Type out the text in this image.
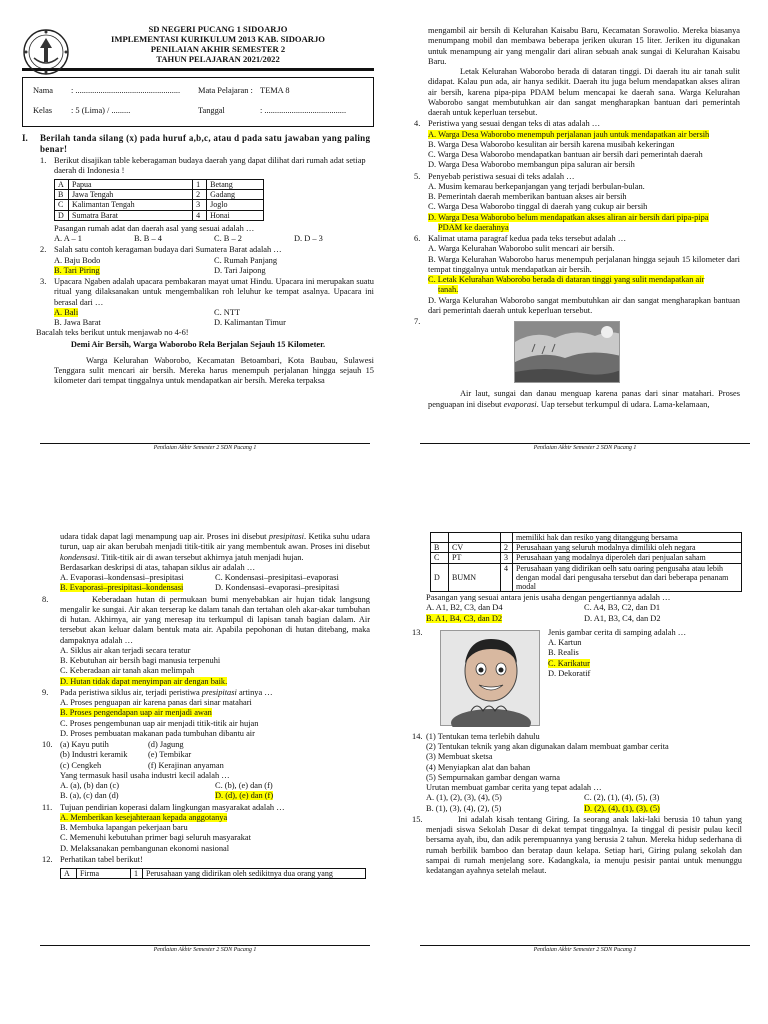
SD NEGERI PUCANG 1 SIDOARJO
IMPLEMENTASI KURIKULUM 2013 KAB. SIDOARJO
PENILAIAN AKHIR SEMESTER 2
TAHUN PELAJARAN 2021/2022
Nama	: ..................................................
Kelas	: 5 (Lima) / .........
Mata Pelajaran : TEMA 8
Tanggal	: .......................................
I.	Berilah tanda silang (x) pada huruf a,b,c, atau d pada satu jawaban yang paling benar!
1. Berikut disajikan table keberagaman budaya daerah yang dapat dilihat dari rumah adat setiap daerah di Indonesia !
A	Papua	1	Betang
B	Jawa Tengah	2	Gadang
C	Kalimantan Tengah	3	Joglo
D	Sumatra Barat	4	Honai
Pasangan rumah adat dan daerah asal yang sesuai adalah …
A. A – 1	B. B – 4	C. B – 2	D. D – 3
2. Salah satu contoh keragaman budaya dari Sumatera Barat adalah …
A. Baju Bodo	C. Rumah Panjang
B. Tari Piring	D. Tari Jaipong
3. Upacara Ngaben adalah upacara pembakaran mayat umat Hindu. Upacara ini merupakan suatu ritual yang dilaksanakan untuk mengembalikan roh leluhur ke tempat asalnya. Upacara ini berasal dari …
A. Bali	C. NTT
B. Jawa Barat	D. Kalimantan Timur
Bacalah teks berikut untuk menjawab no 4-6!
Demi Air Bersih, Warga Waborobo Rela Berjalan Sejauh 15 Kilometer.
Warga Kelurahan Waborobo, Kecamatan Betoambari, Kota Baubau, Sulawesi Tenggara sulit mencari air bersih. Mereka harus menempuh perjalanan hingga sejauh 15 kilometer dari tempat tinggalnya untuk mendapatkan air bersih. Mereka terpaksa
Penilaian Akhir Semester 2 SDN Pucang 1
mengambil air bersih di Kelurahan Kaisabu Baru, Kecamatan Sorawolio. Mereka biasanya menumpang mobil dan membawa beberapa jeriken ukuran 15 liter. Jeriken itu digunakan untuk menampung air yang mengalir dari aliran sebuah anak sungai di Kelurahan Kaisabu Baru.
Letak Kelurahan Waborobo berada di dataran tinggi. Di daerah itu air tanah sulit didapat. Kalau pun ada, air hanya sedikit. Daerah itu juga belum mendapatkan akses aliran air bersih, karena pipa-pipa PDAM belum mencapai ke daerah sana. Warga Kelurahan Waborobo sangat membutuhkan air dan sangat mengharapkan bantuan dari pemerintah daerah untuk keperluan tersebut.
4. Peristiwa yang sesuai dengan teks di atas adalah …
A. Warga Desa Waborobo menempuh perjalanan jauh untuk mendapatkan air bersih
B. Warga Desa Waborobo kesulitan air bersih karena musibah kekeringan
C. Warga Desa Waborobo mendapatkan bantuan air bersih dari pemerintah daerah
D. Warga Desa Waborobo membangun pipa saluran air bersih
5. Penyebab peristiwa sesuai di teks adalah …
A. Musim kemarau berkepanjangan yang terjadi berbulan-bulan.
B. Pemerintah daerah memberikan bantuan akses air bersih
C. Warga Desa Waborobo tinggal di daerah yang cukup air bersih
D. Warga Desa Waborobo belum mendapatkan akses aliran air bersih dari pipa-pipa
PDAM ke daerahnya
6. Kalimat utama paragraf kedua pada teks tersebut adalah …
A. Warga Kelurahan Waborobo sulit mencari air bersih.
B. Warga Kelurahan Waborobo harus menempuh perjalanan hingga sejauh 15 kilometer dari tempat tinggalnya untuk mendapatkan air bersih.
C. Letak Kelurahan Waborobo berada di dataran tinggi yang sulit mendapatkan air
tanah.
D. Warga Kelurahan Waborobo sangat membutuhkan air dan sangat mengharapkan bantuan dari pemerintah daerah untuk keperluan tersebut.
7.
Air laut, sungai dan danau menguap karena panas dari sinar matahari. Proses penguapan ini disebut evaporasi. Uap tersebut terkumpul di udara. Lama-kelamaan,
Penilaian Akhir Semester 2 SDN Pucang 1
udara tidak dapat lagi menampung uap air. Proses ini disebut presipitasi. Ketika suhu udara turun, uap air akan berubah menjadi titik-titik air yang membentuk awan. Proses ini disebut kondensasi. Titik-titik air di awan tersebut akhirnya jatuh menjadi hujan.
Berdasarkan deskripsi di atas, tahapan siklus air adalah …
A. Evaporasi–kondensasi–presipitasi	C. Kondensasi–presipitasi–evaporasi
B. Evaporasi–presipitasi–kondensasi	D. Kondensasi–evaporasi–presipitasi
8.	Keberadaan hutan di permukaan bumi menyebabkan air hujan tidak langsung mengalir ke sungai. Air akan terserap ke dalam tanah dan tertahan oleh akar-akar tumbuhan di hutan. Akhirnya, air yang meresap itu terkumpul di lapisan tanah bagian dalam. Air tersebut akan keluar dalam bentuk mata air. Apabila pepohonan di hutan ditebang, maka dampaknya adalah …
A. Siklus air akan terjadi secara teratur
B. Kebutuhan air bersih bagi manusia terpenuhi
C. Keberadaan air tanah akan melimpah
D. Hutan tidak dapat menyimpan air dengan baik.
9.	Pada peristiwa siklus air, terjadi peristiwa presipitasi artinya …
A. Proses penguapan air karena panas dari sinar matahari
B. Proses pengendapan uap air menjadi awan
C. Proses pengembunan uap air menjadi titik-titik air hujan
D. Proses pembuatan makanan pada tumbuhan dibantu air
10. (a) Kayu putih	(d) Jagung
(b) Industri keramik	(e) Tembikar
(c) Cengkeh	(f) Kerajinan anyaman
Yang termasuk hasil usaha industri kecil adalah …
A. (a), (b) dan (c)	C. (b), (e) dan (f)
B. (a), (c) dan (d)	D. (d), (e) dan (f)
11. Tujuan pendirian koperasi dalam lingkungan masyarakat adalah …
A. Memberikan kesejahteraan kepada anggotanya
B. Membuka lapangan pekerjaan baru
C. Memenuhi kebutuhan primer bagi seluruh masyarakat
D. Melaksanakan pembangunan ekonomi nasional
12. Perhatikan tabel berikut!
A	Firma	1	Perusahaan yang didirikan oleh sedikitnya dua orang yang
Penilaian Akhir Semester 2 SDN Pucang 1
			memiliki hak dan resiko yang ditanggung bersama
B	CV	2	Perusahaan yang seluruh modalnya dimiliki oleh negara
C	PT	3	Perusahaan yang modalnya diperoleh dari penjualan saham
D	BUMN	4	Perusahaan yang didirikan oelh satu oaring pengusaha atau lebih dengan modal dari pengusaha tersebut dan dari beberapa penanam modal
Pasangan yang sesuai antara jenis usaha dengan pengertiannya adalah …
A. A1, B2, C3, dan D4	C. A4, B3, C2, dan D1
B. A1, B4, C3, dan D2	D. A1, B3, C4, dan D2
13.	Jenis gambar cerita di samping adalah …
A. Kartun
B. Realis
C. Karikatur
D. Dekoratif
14. (1) Tentukan tema terlebih dahulu
(2) Tentukan teknik yang akan digunakan dalam membuat gambar cerita
(3) Membuat sketsa
(4) Menyiapkan alat dan bahan
(5) Sempurnakan gambar dengan warna
Urutan membuat gambar cerita yang tepat adalah …
A. (1), (2), (3), (4), (5)	C. (2), (1), (4), (5), (3)
B. (1), (3), (4), (2), (5)	D. (2), (4), (1), (3), (5)
15.	Ini adalah kisah tentang Giring. Ia seorang anak laki-laki berusia 10 tahun yang menjadi siswa Sekolah Dasar di dekat tempat tinggalnya. Ia tinggal di pesisir pulau kecil bersama ayah, ibu, dan adik perempuannya yang berusia 2 tahun. Mereka hidup sederhana di rumah berbilik bamboo dan beratap daun kelapa. Setiap hari, Giring pulang sekolah dan sampai di rumah menjelang sore. Kadangkala, ia menuju pesisir pantai untuk menunggu kedatangan ayahnya setelah melaut.
Penilaian Akhir Semester 2 SDN Pucang 1
